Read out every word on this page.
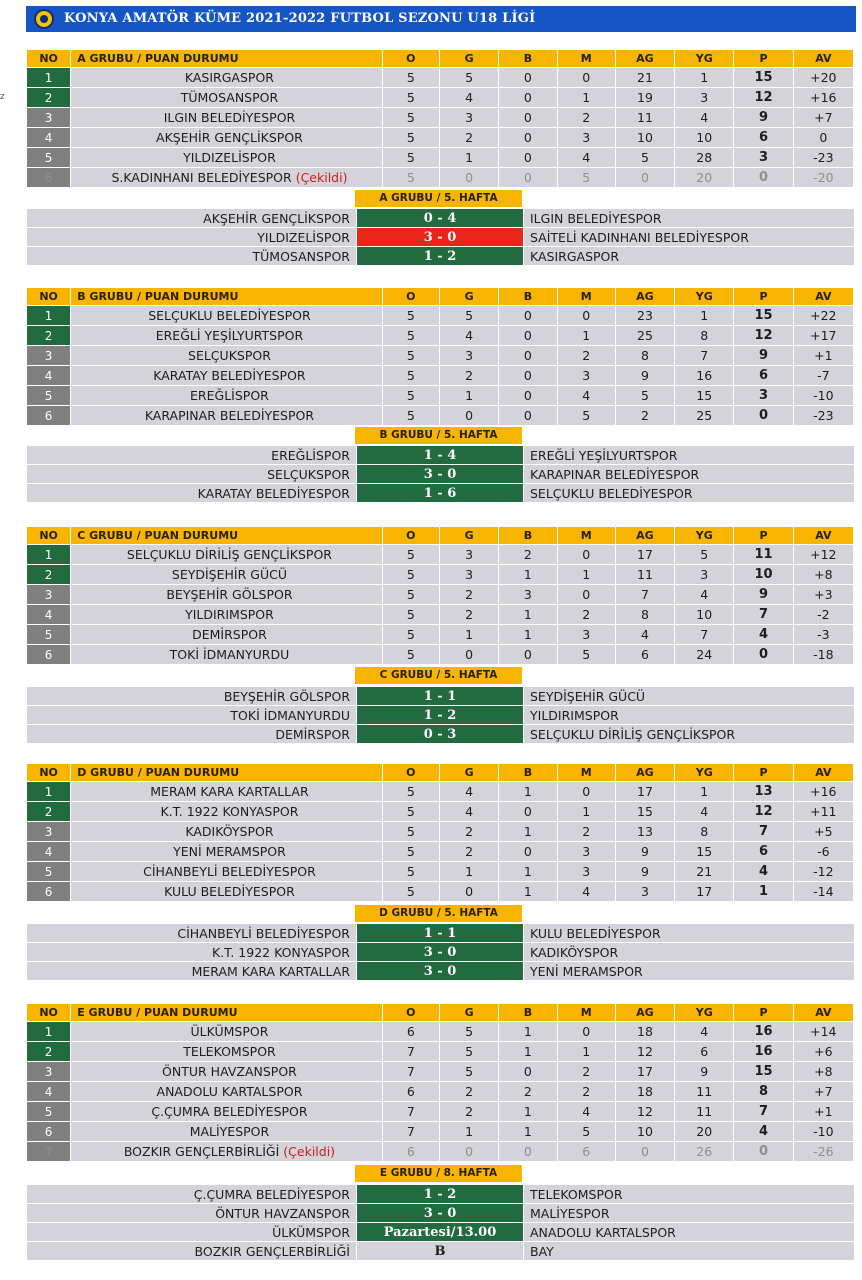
KONYA AMATÖR KÜME 2021-2022 FUTBOL SEZONU U18 LİGİ
z
NO	A GRUBU / PUAN DURUMU	O	G	B	M	AG	YG	P	AV
1	KASIRGASPOR	5	5	0	0	21	1	15	+20
2	TÜMOSANSPOR	5	4	0	1	19	3	12	+16
3	ILGIN BELEDİYESPOR	5	3	0	2	11	4	9	+7
4	AKŞEHİR GENÇLİKSPOR	5	2	0	3	10	10	6	0
5	YILDIZELİSPOR	5	1	0	4	5	28	3	-23
6	S.KADINHANI BELEDİYESPOR (Çekildi)	5	0	0	5	0	20	0	-20
A GRUBU / 5. HAFTA
AKŞEHİR GENÇLİKSPOR	0 - 4	ILGIN BELEDİYESPOR
YILDIZELİSPOR	3 - 0	SAİTELİ KADINHANI BELEDİYESPOR
TÜMOSANSPOR	1 - 2	KASIRGASPOR
NO	B GRUBU / PUAN DURUMU	O	G	B	M	AG	YG	P	AV
1	SELÇUKLU BELEDİYESPOR	5	5	0	0	23	1	15	+22
2	EREĞLİ YEŞİLYURTSPOR	5	4	0	1	25	8	12	+17
3	SELÇUKSPOR	5	3	0	2	8	7	9	+1
4	KARATAY BELEDİYESPOR	5	2	0	3	9	16	6	-7
5	EREĞLİSPOR	5	1	0	4	5	15	3	-10
6	KARAPINAR BELEDİYESPOR	5	0	0	5	2	25	0	-23
B GRUBU / 5. HAFTA
EREĞLİSPOR	1 - 4	EREĞLİ YEŞİLYURTSPOR
SELÇUKSPOR	3 - 0	KARAPINAR BELEDİYESPOR
KARATAY BELEDİYESPOR	1 - 6	SELÇUKLU BELEDİYESPOR
NO	C GRUBU / PUAN DURUMU	O	G	B	M	AG	YG	P	AV
1	SELÇUKLU DİRİLİŞ GENÇLİKSPOR	5	3	2	0	17	5	11	+12
2	SEYDİŞEHİR GÜCÜ	5	3	1	1	11	3	10	+8
3	BEYŞEHİR GÖLSPOR	5	2	3	0	7	4	9	+3
4	YILDIRIMSPOR	5	2	1	2	8	10	7	-2
5	DEMİRSPOR	5	1	1	3	4	7	4	-3
6	TOKİ İDMANYURDU	5	0	0	5	6	24	0	-18
C GRUBU / 5. HAFTA
BEYŞEHİR GÖLSPOR	1 - 1	SEYDİŞEHİR GÜCÜ
TOKİ İDMANYURDU	1 - 2	YILDIRIMSPOR
DEMİRSPOR	0 - 3	SELÇUKLU DİRİLİŞ GENÇLİKSPOR
NO	D GRUBU / PUAN DURUMU	O	G	B	M	AG	YG	P	AV
1	MERAM KARA KARTALLAR	5	4	1	0	17	1	13	+16
2	K.T. 1922 KONYASPOR	5	4	0	1	15	4	12	+11
3	KADIKÖYSPOR	5	2	1	2	13	8	7	+5
4	YENİ MERAMSPOR	5	2	0	3	9	15	6	-6
5	CİHANBEYLİ BELEDİYESPOR	5	1	1	3	9	21	4	-12
6	KULU BELEDİYESPOR	5	0	1	4	3	17	1	-14
D GRUBU / 5. HAFTA
CİHANBEYLİ BELEDİYESPOR	1 - 1	KULU BELEDİYESPOR
K.T. 1922 KONYASPOR	3 - 0	KADIKÖYSPOR
MERAM KARA KARTALLAR	3 - 0	YENİ MERAMSPOR
NO	E GRUBU / PUAN DURUMU	O	G	B	M	AG	YG	P	AV
1	ÜLKÜMSPOR	6	5	1	0	18	4	16	+14
2	TELEKOMSPOR	7	5	1	1	12	6	16	+6
3	ÖNTUR HAVZANSPOR	7	5	0	2	17	9	15	+8
4	ANADOLU KARTALSPOR	6	2	2	2	18	11	8	+7
5	Ç.ÇUMRA BELEDİYESPOR	7	2	1	4	12	11	7	+1
6	MALİYESPOR	7	1	1	5	10	20	4	-10
7	BOZKIR GENÇLERBİRLİĞİ (Çekildi)	6	0	0	6	0	26	0	-26
E GRUBU / 8. HAFTA
Ç.ÇUMRA BELEDİYESPOR	1 - 2	TELEKOMSPOR
ÖNTUR HAVZANSPOR	3 - 0	MALİYESPOR
ÜLKÜMSPOR	Pazartesi/13.00	ANADOLU KARTALSPOR
BOZKIR GENÇLERBİRLİĞİ	B	BAY
